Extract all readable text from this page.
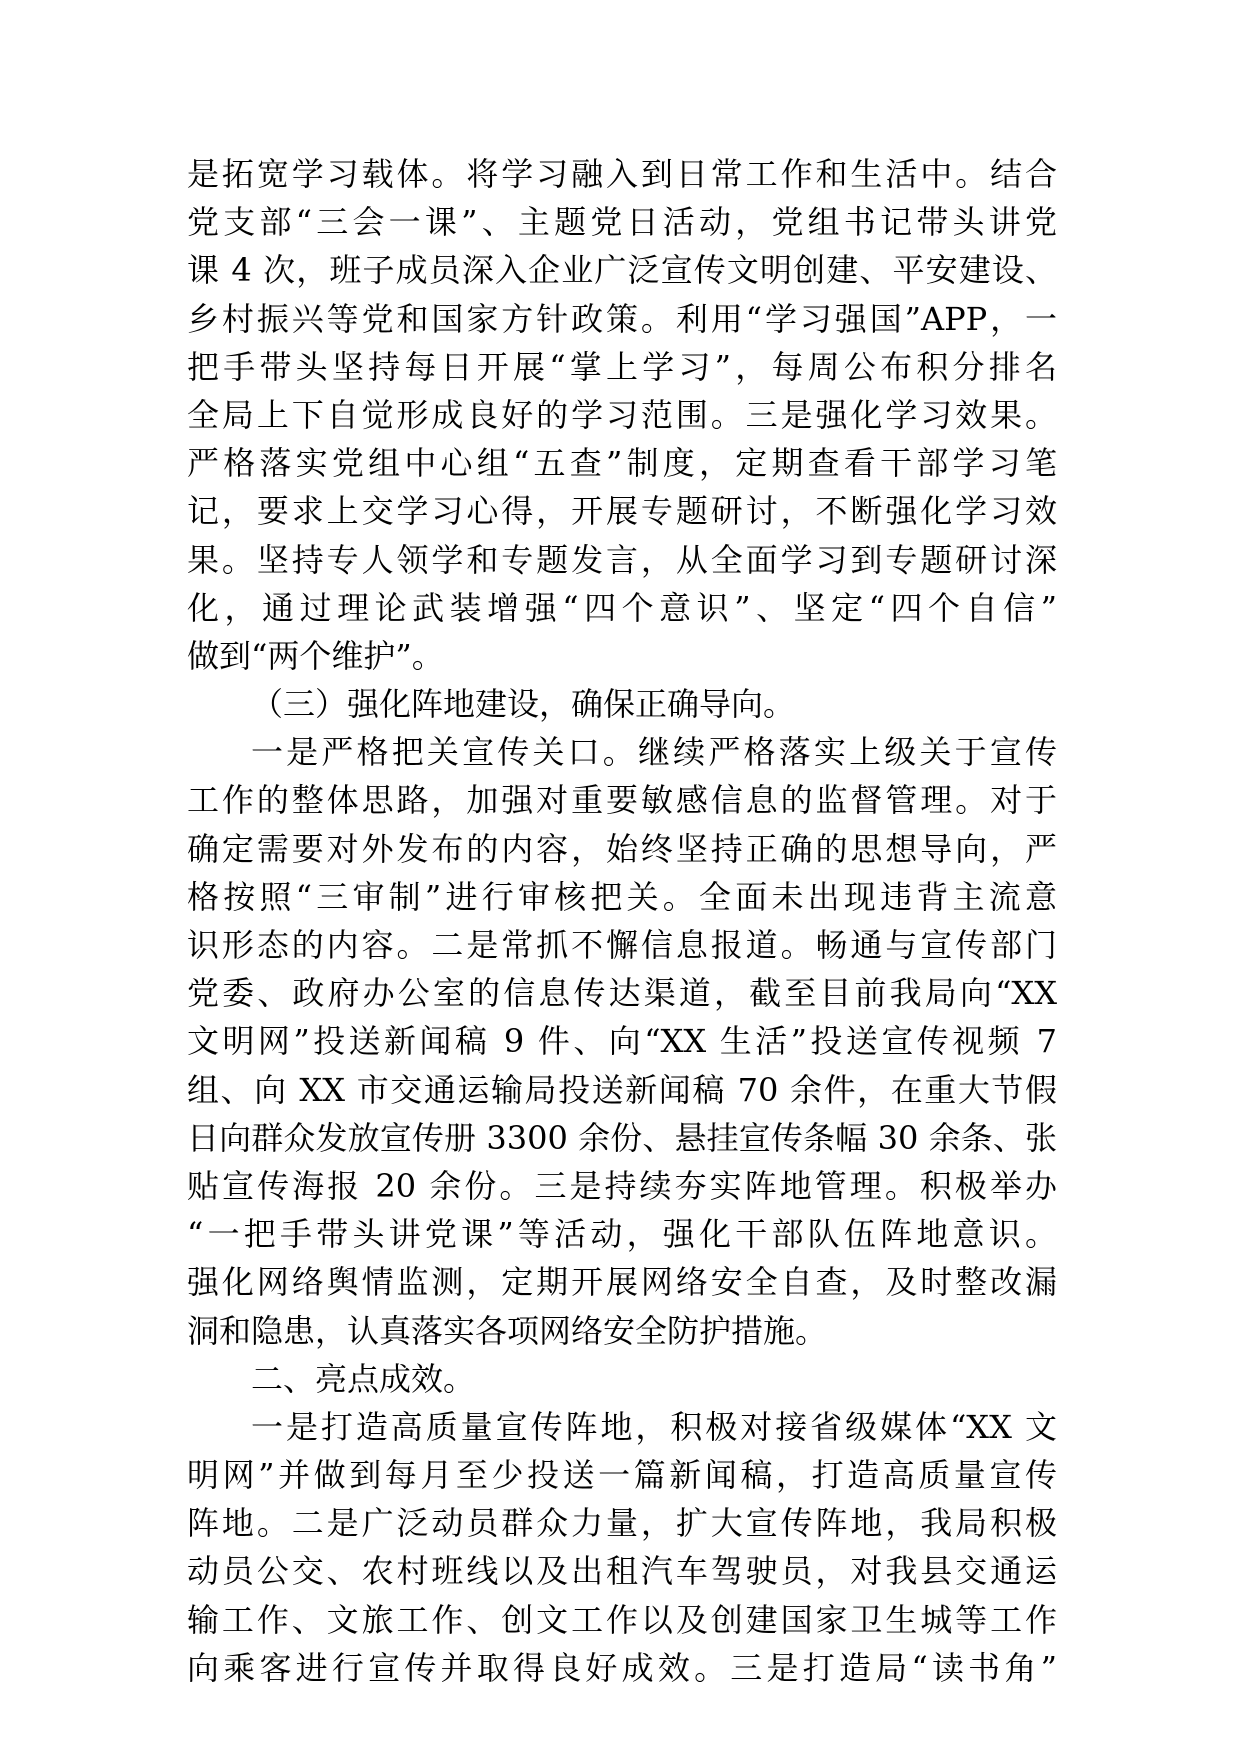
是拓宽学习载体。将学习融入到日常工作和生活中。结合
党支部“三会一课”、主题党日活动，党组书记带头讲党
课 4 次，班子成员深入企业广泛宣传文明创建、平安建设、
乡村振兴等党和国家方针政策。利用“学习强国”APP，一
把手带头坚持每日开展“掌上学习”，每周公布积分排名
全局上下自觉形成良好的学习范围。三是强化学习效果。
严格落实党组中心组“五查”制度，定期查看干部学习笔
记，要求上交学习心得，开展专题研讨，不断强化学习效
果。坚持专人领学和专题发言，从全面学习到专题研讨深
化，通过理论武装增强“四个意识”、坚定“四个自信”
做到“两个维护”。
（三）强化阵地建设，确保正确导向。
一是严格把关宣传关口。继续严格落实上级关于宣传
工作的整体思路，加强对重要敏感信息的监督管理。对于
确定需要对外发布的内容，始终坚持正确的思想导向，严
格按照“三审制”进行审核把关。全面未出现违背主流意
识形态的内容。二是常抓不懈信息报道。畅通与宣传部门
党委、政府办公室的信息传达渠道，截至目前我局向“XX
文明网”投送新闻稿 9 件、向“XX 生活”投送宣传视频 7
组、向 XX 市交通运输局投送新闻稿 70 余件，在重大节假
日向群众发放宣传册 3300 余份、悬挂宣传条幅 30 余条、张
贴宣传海报 20 余份。三是持续夯实阵地管理。积极举办
“一把手带头讲党课”等活动，强化干部队伍阵地意识。
强化网络舆情监测，定期开展网络安全自查，及时整改漏
洞和隐患，认真落实各项网络安全防护措施。
二、亮点成效。
一是打造高质量宣传阵地，积极对接省级媒体“XX 文
明网”并做到每月至少投送一篇新闻稿，打造高质量宣传
阵地。二是广泛动员群众力量，扩大宣传阵地，我局积极
动员公交、农村班线以及出租汽车驾驶员，对我县交通运
输工作、文旅工作、创文工作以及创建国家卫生城等工作
向乘客进行宣传并取得良好成效。三是打造局“读书角”
